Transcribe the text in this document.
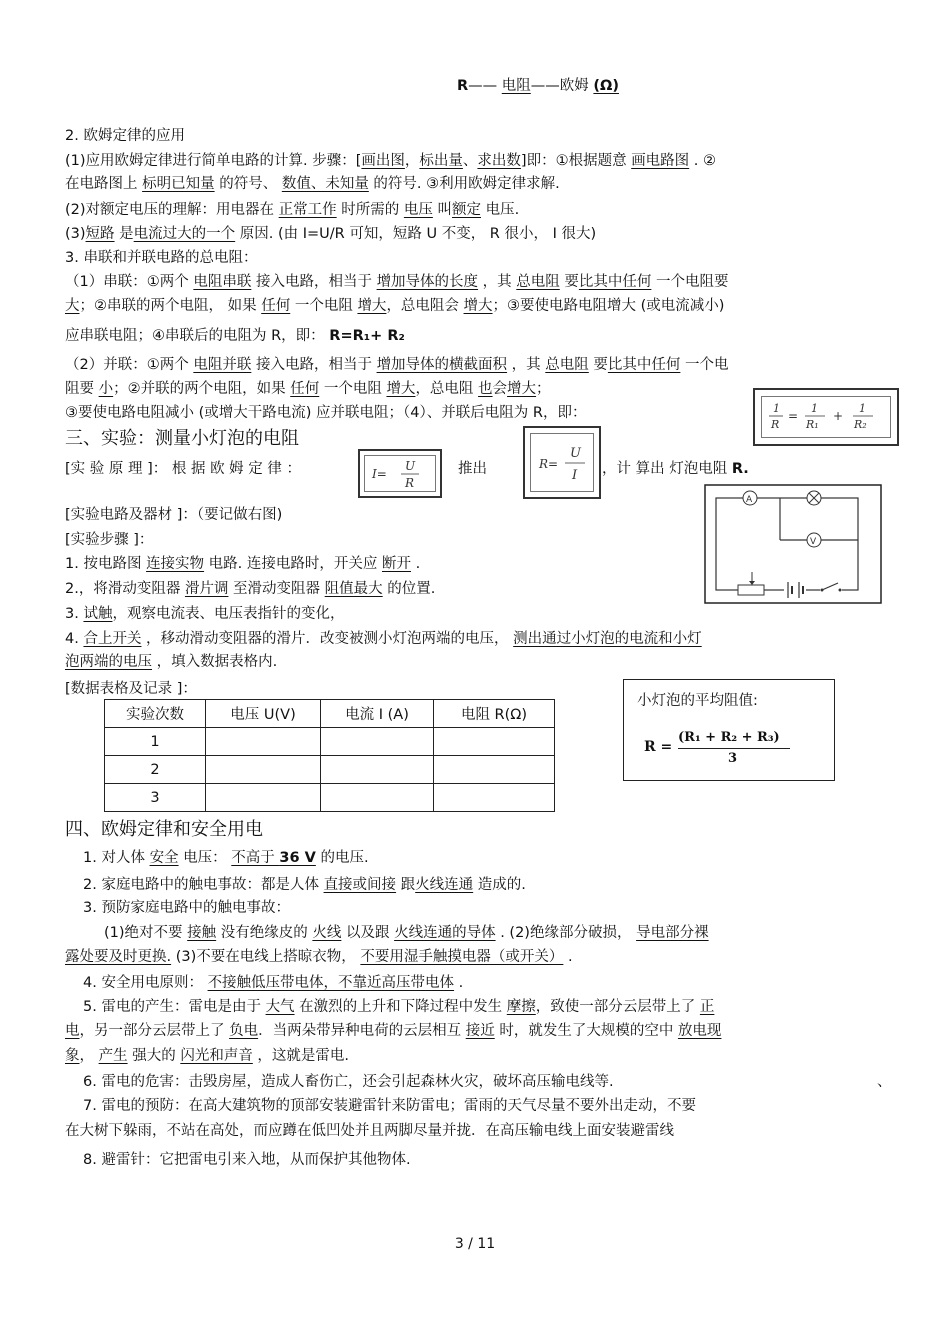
R—— 电阻——欧姆 (Ω)
2. 欧姆定律的应用
(1)应用欧姆定律进行简单电路的计算. 步骤：[画出图，标出量、求出数]即：①根据题意 画电路图 . ②
在电路图上 标明已知量 的符号、 数值、未知量 的符号. ③利用欧姆定律求解.
(2)对额定电压的理解：用电器在 正常工作 时所需的 电压 叫额定 电压.
(3)短路 是电流过大的一个 原因. (由 I=U/R 可知，短路 U 不变， R 很小， I 很大)
3. 串联和并联电路的总电阻：
（1）串联：①两个 电阻串联 接入电路，相当于 增加导体的长度 ，其 总电阻 要比其中任何 一个电阻要
大；②串联的两个电阻， 如果 任何 一个电阻 增大，总电阻会 增大；③要使电路电阻增大 (或电流减小)
应串联电阻；④串联后的电阻为 R，即： R=R₁+ R₂
（2）并联：①两个 电阻并联 接入电路，相当于 增加导体的横截面积 ，其 总电阻 要比其中任何 一个电
阻要 小；②并联的两个电阻，如果 任何 一个电阻 增大，总电阻 也会增大；
③要使电路电阻减小 (或增大干路电流) 应并联电阻；（4）、并联后电阻为 R，即：	1
R
=
1
R₁
+
1
R₂
三、实验：测量小灯泡的电阻
[实 验 原 理 ]： 根 据 欧 姆 定 律 ：	I=
U
R
推出	R=
U
I ，计 算出 灯泡电阻 R.
A
V
[实验电路及器材 ]：（要记做右图)
[实验步骤 ]：
1. 按电路图 连接实物 电路. 连接电路时，开关应 断开 .
2.，将滑动变阻器 滑片调 至滑动变阻器 阻值最大 的位置.
3. 试触，观察电流表、电压表指针的变化，
4. 合上开关 ，移动滑动变阻器的滑片．改变被测小灯泡两端的电压， 测出通过小灯泡的电流和小灯
泡两端的电压 ，填入数据表格内.
[数据表格及记录 ]：
实验次数	电压 U(V)	电流 I (A)	电阻 R(Ω)
1			
2			
3			
小灯泡的平均阻值:
R =
(R₁ + R₂ + R₃)
3
四、欧姆定律和安全用电
1. 对人体 安全 电压： 不高于 36 V 的电压.
2. 家庭电路中的触电事故：都是人体 直接或间接 跟火线连通 造成的.
3. 预防家庭电路中的触电事故：
(1)绝对不要 接触 没有绝缘皮的 火线 以及跟 火线连通的导体 . (2)绝缘部分破损， 导电部分裸
露处要及时更换. (3)不要在电线上搭晾衣物， 不要用湿手触摸电器（或开关） .
4. 安全用电原则： 不接触低压带电体，不靠近高压带电体 .
5. 雷电的产生：雷电是由于 大气 在激烈的上升和下降过程中发生 摩擦，致使一部分云层带上了 正
电，另一部分云层带上了 负电．当两朵带异种电荷的云层相互 接近 时，就发生了大规模的空中 放电现
象， 产生 强大的 闪光和声音 ，这就是雷电.
6. 雷电的危害：击毁房屋，造成人畜伤亡，还会引起森林火灾，破坏高压输电线等.	、
7. 雷电的预防：在高大建筑物的顶部安装避雷针来防雷电；雷雨的天气尽量不要外出走动，不要
在大树下躲雨，不站在高处，而应蹲在低凹处并且两脚尽量并拢．在高压输电线上面安装避雷线
8. 避雷针：它把雷电引来入地，从而保护其他物体.
3 / 11
